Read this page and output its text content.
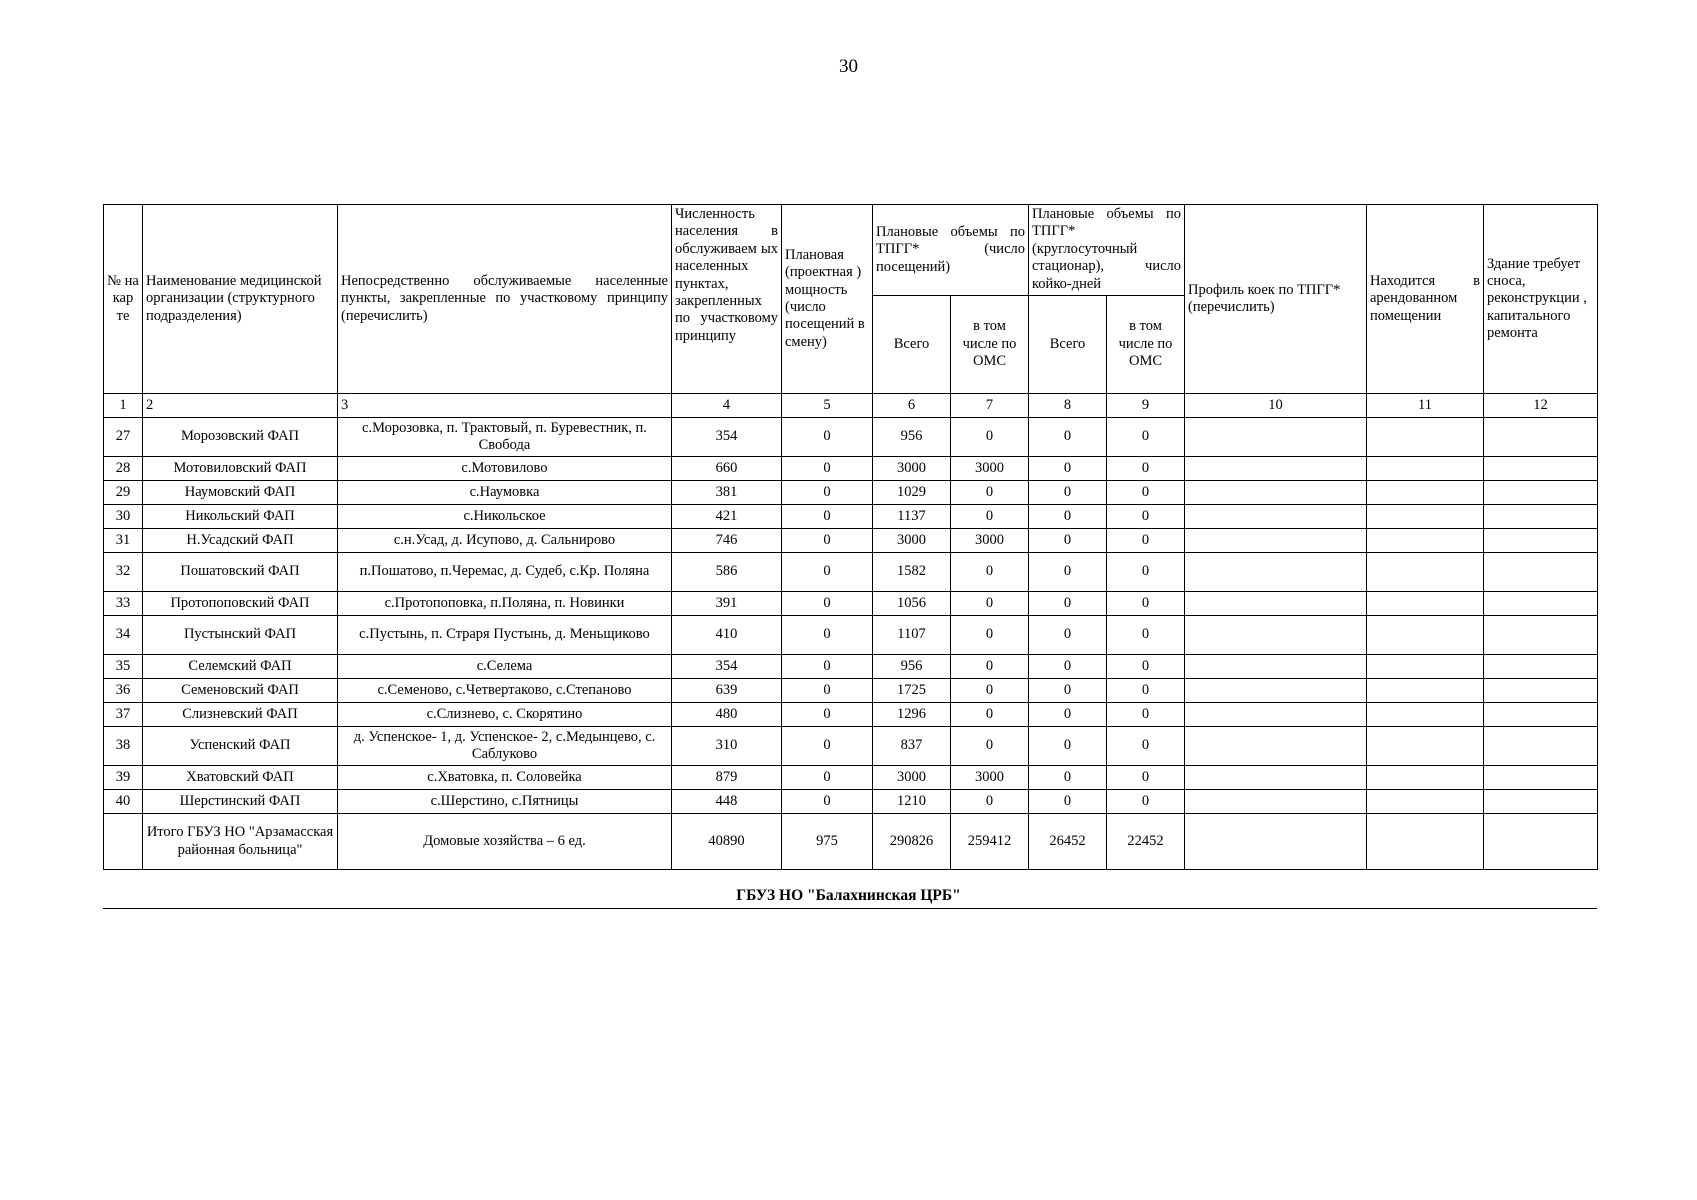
30
№ на кар те	Наименование медицинской организации (структурного подразделения)	Непосредственно обслуживаемые населенные пункты, закрепленные по участковому принципу (перечислить)	Численность населения в обслуживаем ых населенных пунктах, закрепленных по участковому принципу	Плановая (проектная ) мощность (число посещений в смену)	Плановые объемы по ТПГГ* (число посещений)		Плановые объемы по ТПГГ* (круглосуточный стационар), число койко-дней		Профиль коек по ТПГГ* (перечислить)	Находится в арендованном помещении	Здание требует сноса, реконструкции , капитального ремонта
					Всего	в том числе по ОМС	Всего	в том числе по ОМС			
1	2	3	4	5	6	7	8	9	10	11	12
27	Морозовский ФАП	с.Морозовка, п. Трактовый, п. Буревестник, п. Свобода	354	0	956	0	0	0			
28	Мотовиловский ФАП	с.Мотовилово	660	0	3000	3000	0	0			
29	Наумовский ФАП	с.Наумовка	381	0	1029	0	0	0			
30	Никольский ФАП	с.Никольское	421	0	1137	0	0	0			
31	Н.Усадский ФАП	с.н.Усад, д. Исупово, д. Сальнирово	746	0	3000	3000	0	0			
32	Пошатовский ФАП	п.Пошатово, п.Черемас, д. Судеб, с.Кр. Поляна	586	0	1582	0	0	0			
33	Протопоповский ФАП	с.Протопоповка, п.Поляна, п. Новинки	391	0	1056	0	0	0			
34	Пустынский ФАП	с.Пустынь, п. Страря Пустынь, д. Меньщиково	410	0	1107	0	0	0			
35	Селемский ФАП	с.Селема	354	0	956	0	0	0			
36	Семеновский ФАП	с.Семеново, с.Четвертаково, с.Степаново	639	0	1725	0	0	0			
37	Слизневский ФАП	с.Слизнево, с. Скорятино	480	0	1296	0	0	0			
38	Успенский ФАП	д. Успенское- 1, д. Успенское- 2, с.Медынцево, с. Саблуково	310	0	837	0	0	0			
39	Хватовский ФАП	с.Хватовка, п. Соловейка	879	0	3000	3000	0	0			
40	Шерстинский ФАП	с.Шерстино, с.Пятницы	448	0	1210	0	0	0			
	Итого ГБУЗ НО "Арзамасская районная больница"	Домовые хозяйства – 6 ед.	40890	975	290826	259412	26452	22452			
ГБУЗ НО "Балахнинская ЦРБ"
